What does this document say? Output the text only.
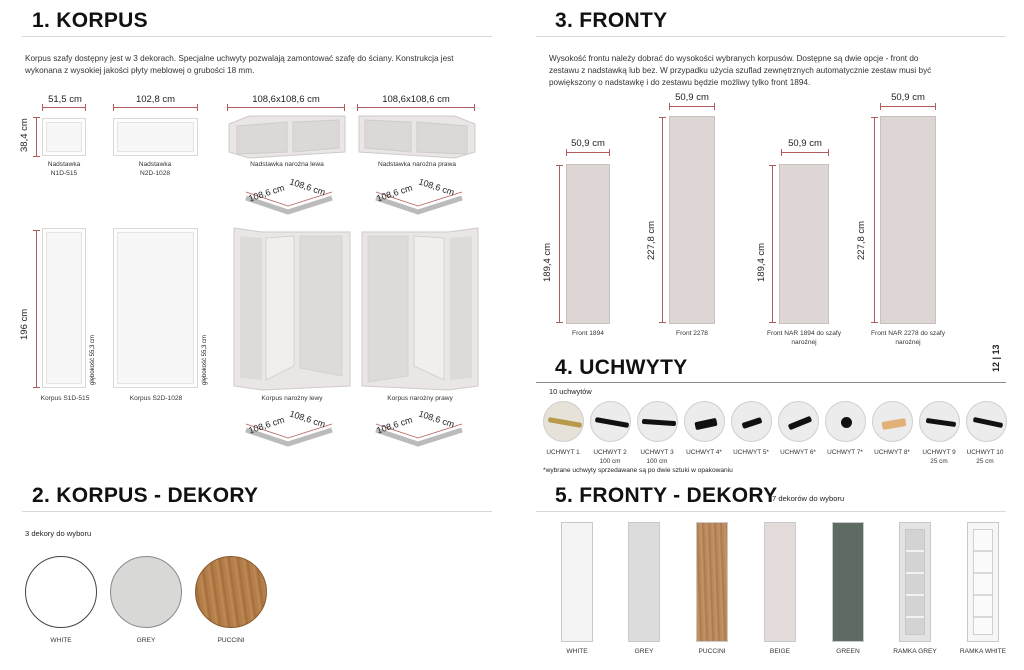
1. KORPUS
Korpus szafy dostępny jest w 3 dekorach. Specjalne uchwyty pozwalają zamontować szafę do ściany. Konstrukcja jest wykonana z wysokiej jakości płyty meblowej o grubości 18 mm.
51,5 cm	102,8 cm	108,6x108,6 cm	108,6x108,6 cm
38,4 cm
196 cm
Nadstawka
N1D-515
Nadstawka
N2D-1028
Nadstawka narożna lewa	Nadstawka narożna prawa
108,6 cm 108,6 cm	108,6 cm 108,6 cm
głębokość 55,3 cm	głębokość 55,3 cm
Korpus S1D-515	Korpus S2D-1028	Korpus narożny lewy	Korpus narożny prawy
108,6 cm 108,6 cm	108,6 cm 108,6 cm
2. KORPUS - DEKORY
3 dekory do wyboru
WHITE	GREY	PUCCINI
3. FRONTY
Wysokość frontu należy dobrać do wysokości wybranych korpusów. Dostępne są dwie opcje - front do zestawu z nadstawką lub bez. W przypadku użycia szuflad zewnętrznych automatycznie zestaw musi być powiększony o nadstawkę i do zestawu będzie możliwy tylko front 1894.
50,9 cm
189,4 cm
Front 1894
50,9 cm
227,8 cm
Front 2278
50,9 cm
189,4 cm
Front NAR 1894 do szafy narożnej
50,9 cm
227,8 cm
Front NAR 2278 do szafy narożnej
12 | 13
4. UCHWYTY
10 uchwytów
UCHWYT 1	UCHWYT 2
100 cm
UCHWYT 3
100 cm
UCHWYT 4*	UCHWYT 5*	UCHWYT 6*	UCHWYT 7*	UCHWYT 8*	UCHWYT 9
25 cm
UCHWYT 10
25 cm
*wybrane uchwyty sprzedawane są po dwie sztuki w opakowaniu
5. FRONTY - DEKORY
7 dekorów do wyboru
WHITE	GREY	PUCCINI	BEIGE	GREEN	RAMKA GREY	RAMKA WHITE
